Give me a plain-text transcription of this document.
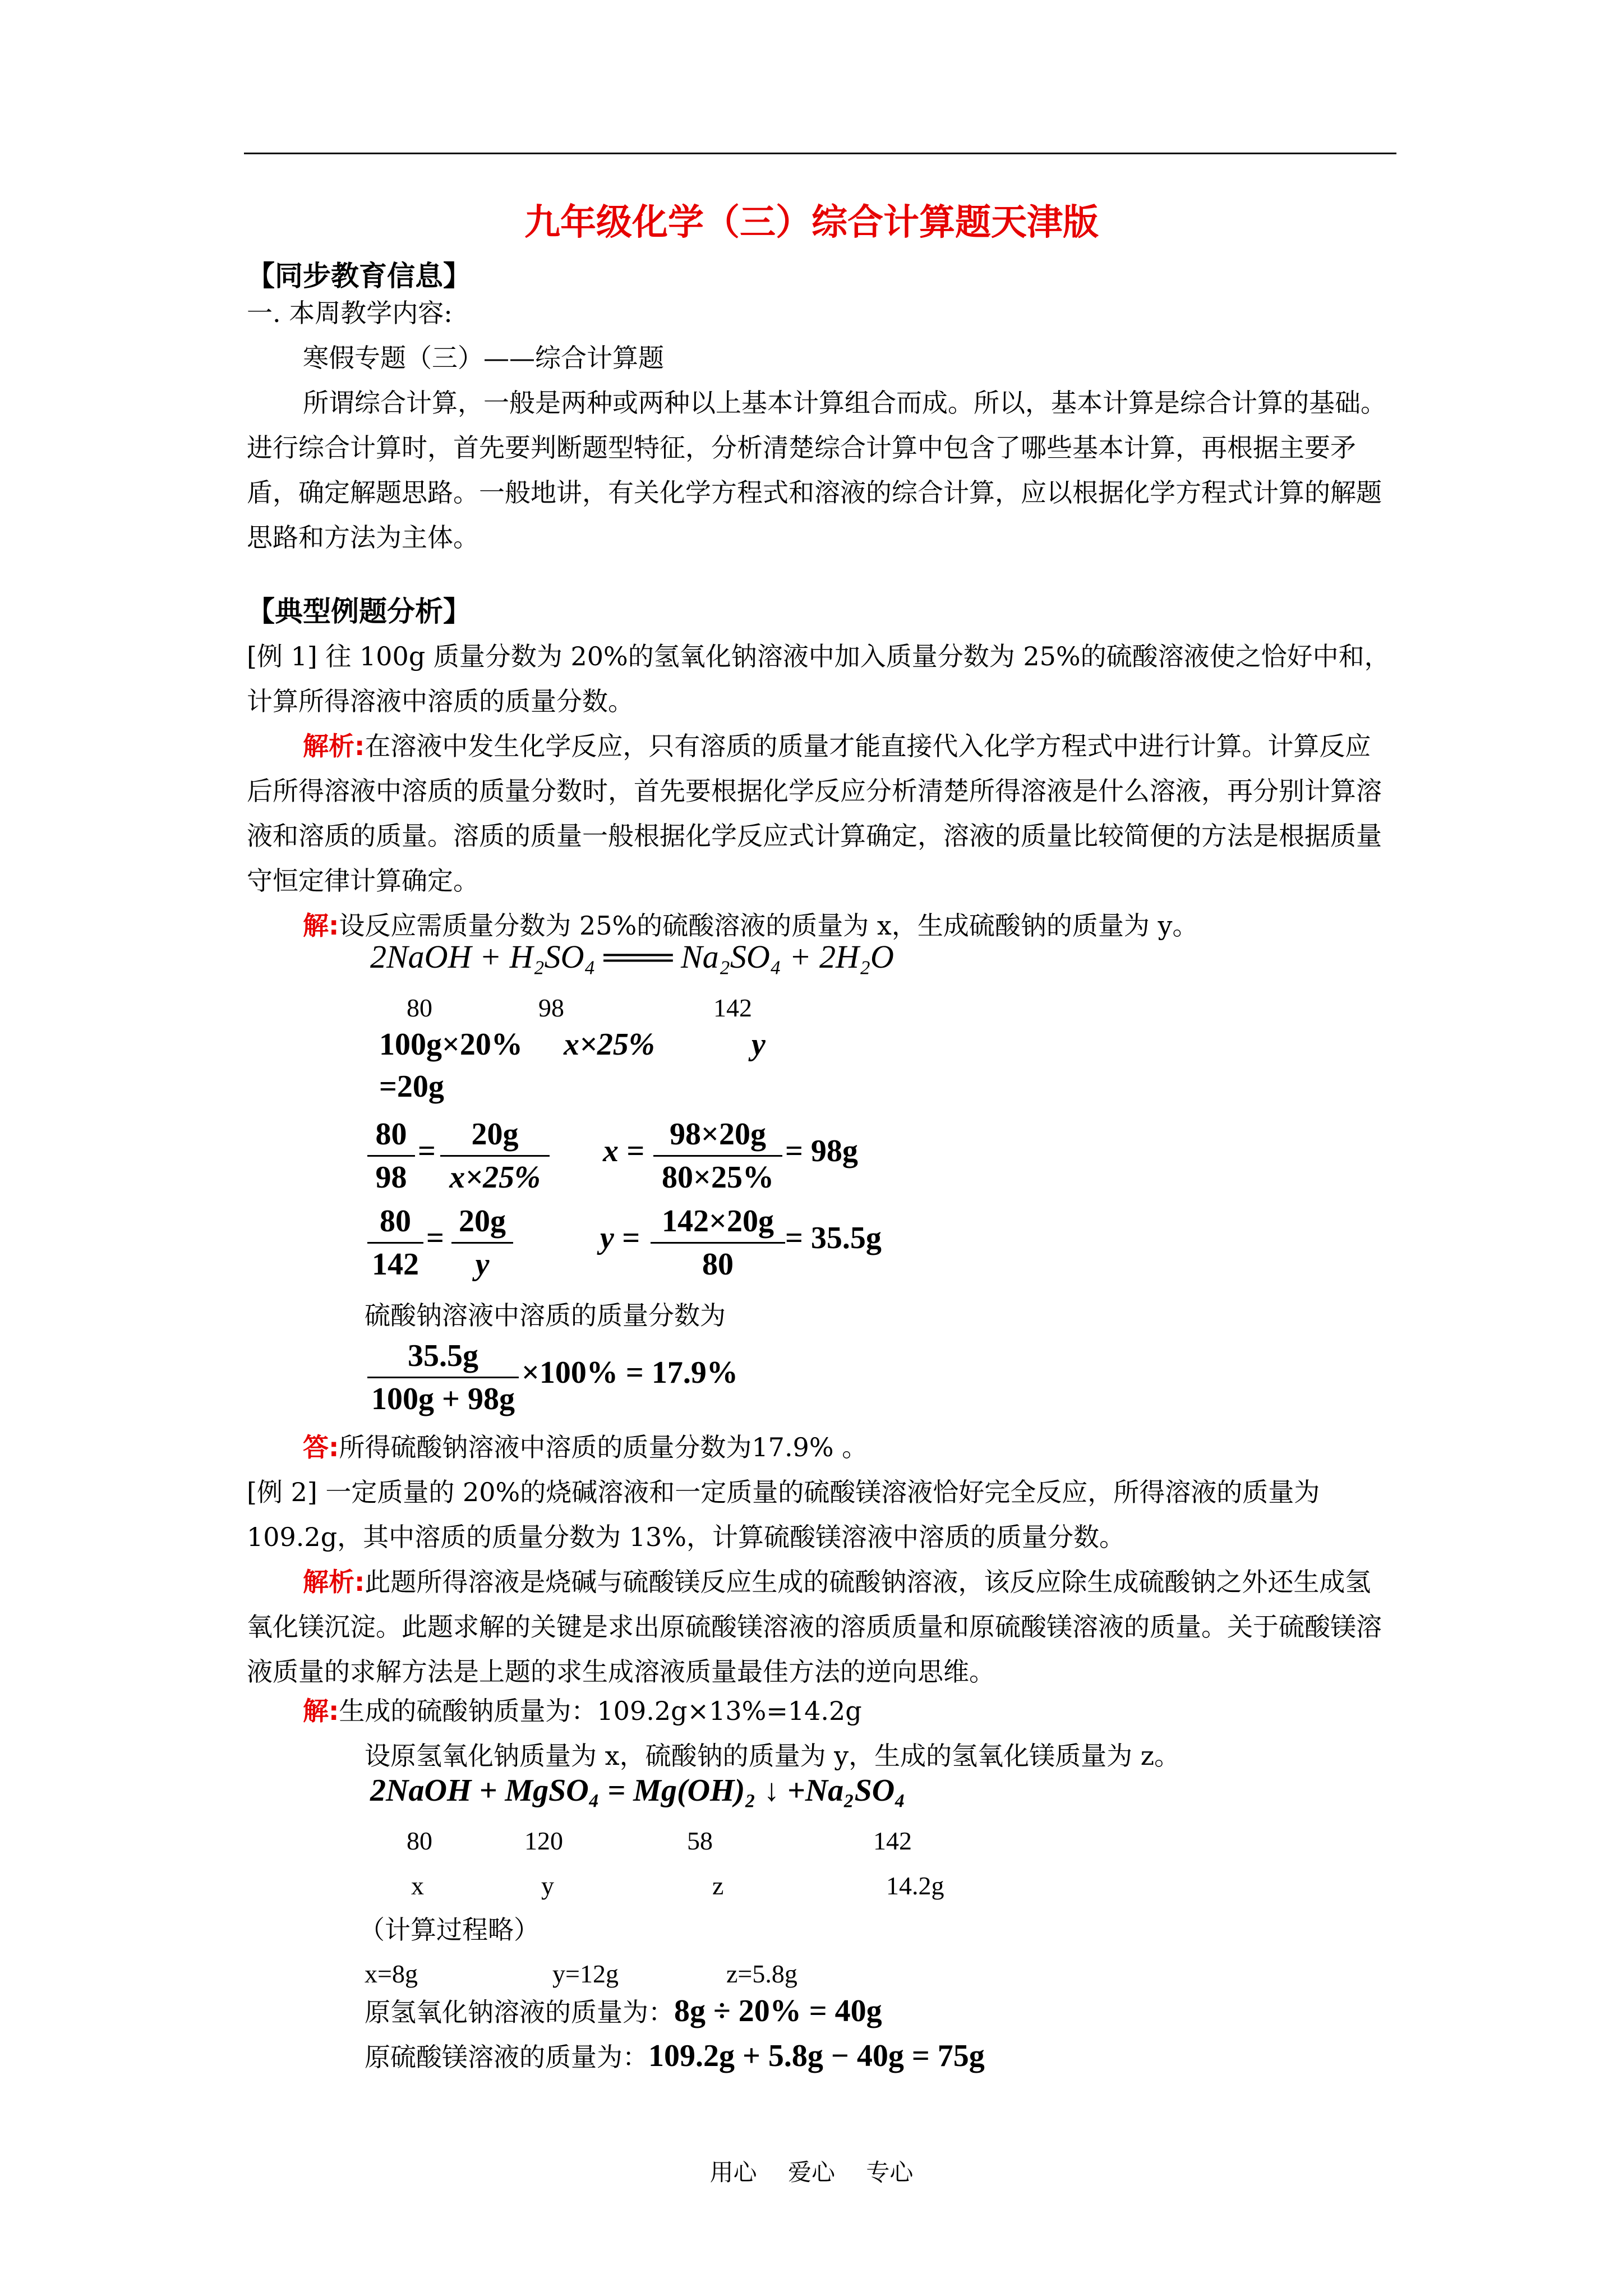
九年级化学（三）综合计算题天津版
【同步教育信息】
一. 本周教学内容:
寒假专题（三）——综合计算题
所谓综合计算，一般是两种或两种以上基本计算组合而成。所以，基本计算是综合计算的基础。进行综合计算时，首先要判断题型特征，分析清楚综合计算中包含了哪些基本计算，再根据主要矛盾，确定解题思路。一般地讲，有关化学方程式和溶液的综合计算，应以根据化学方程式计算的解题思路和方法为主体。
【典型例题分析】
[例 1] 往 100g 质量分数为 20%的氢氧化钠溶液中加入质量分数为 25%的硫酸溶液使之恰好中和，计算所得溶液中溶质的质量分数。
解析:在溶液中发生化学反应，只有溶质的质量才能直接代入化学方程式中进行计算。计算反应后所得溶液中溶质的质量分数时，首先要根据化学反应分析清楚所得溶液是什么溶液，再分别计算溶液和溶质的质量。溶质的质量一般根据化学反应式计算确定，溶液的质量比较简便的方法是根据质量守恒定律计算确定。
解:设反应需质量分数为 25%的硫酸溶液的质量为 x，生成硫酸钠的质量为 y。
2NaOH + H₂SO₄ ═══ Na₂SO₄ + 2H₂O
80	98	142
100g×20% x×25%	y
=20g
$\frac{80}{98} = \frac{20g}{x\times 25\%}$ $x = \frac{98\times 20g}{80\times 25\%} = 98g$
$\frac{80}{142} = \frac{20g}{y}$	$y = \frac{142\times 20g}{80} = 35.5g$
硫酸钠溶液中溶质的质量分数为
$\frac{35.5g}{100g + 98g} \times 100\% = 17.9\%$
答:所得硫酸钠溶液中溶质的质量分数为17.9% 。
[例 2] 一定质量的 20%的烧碱溶液和一定质量的硫酸镁溶液恰好完全反应，所得溶液的质量为 109.2g，其中溶质的质量分数为 13%，计算硫酸镁溶液中溶质的质量分数。
解析:此题所得溶液是烧碱与硫酸镁反应生成的硫酸钠溶液，该反应除生成硫酸钠之外还生成氢氧化镁沉淀。此题求解的关键是求出原硫酸镁溶液的溶质质量和原硫酸镁溶液的质量。关于硫酸镁溶液质量的求解方法是上题的求生成溶液质量最佳方法的逆向思维。
解:生成的硫酸钠质量为：109.2g×13%=14.2g
设原氢氧化钠质量为 x，硫酸钠的质量为 y，生成的氢氧化镁质量为 z。
2NaOH + MgSO₄ = Mg(OH)₂ ↓ +Na₂SO₄
80	120	58	142
x	y	z	14.2g
（计算过程略）
x=8g	y=12g	z=5.8g
原氢氧化钠溶液的质量为：8g ÷ 20% = 40g
原硫酸镁溶液的质量为：109.2g + 5.8g − 40g = 75g
用心　 爱心　 专心
